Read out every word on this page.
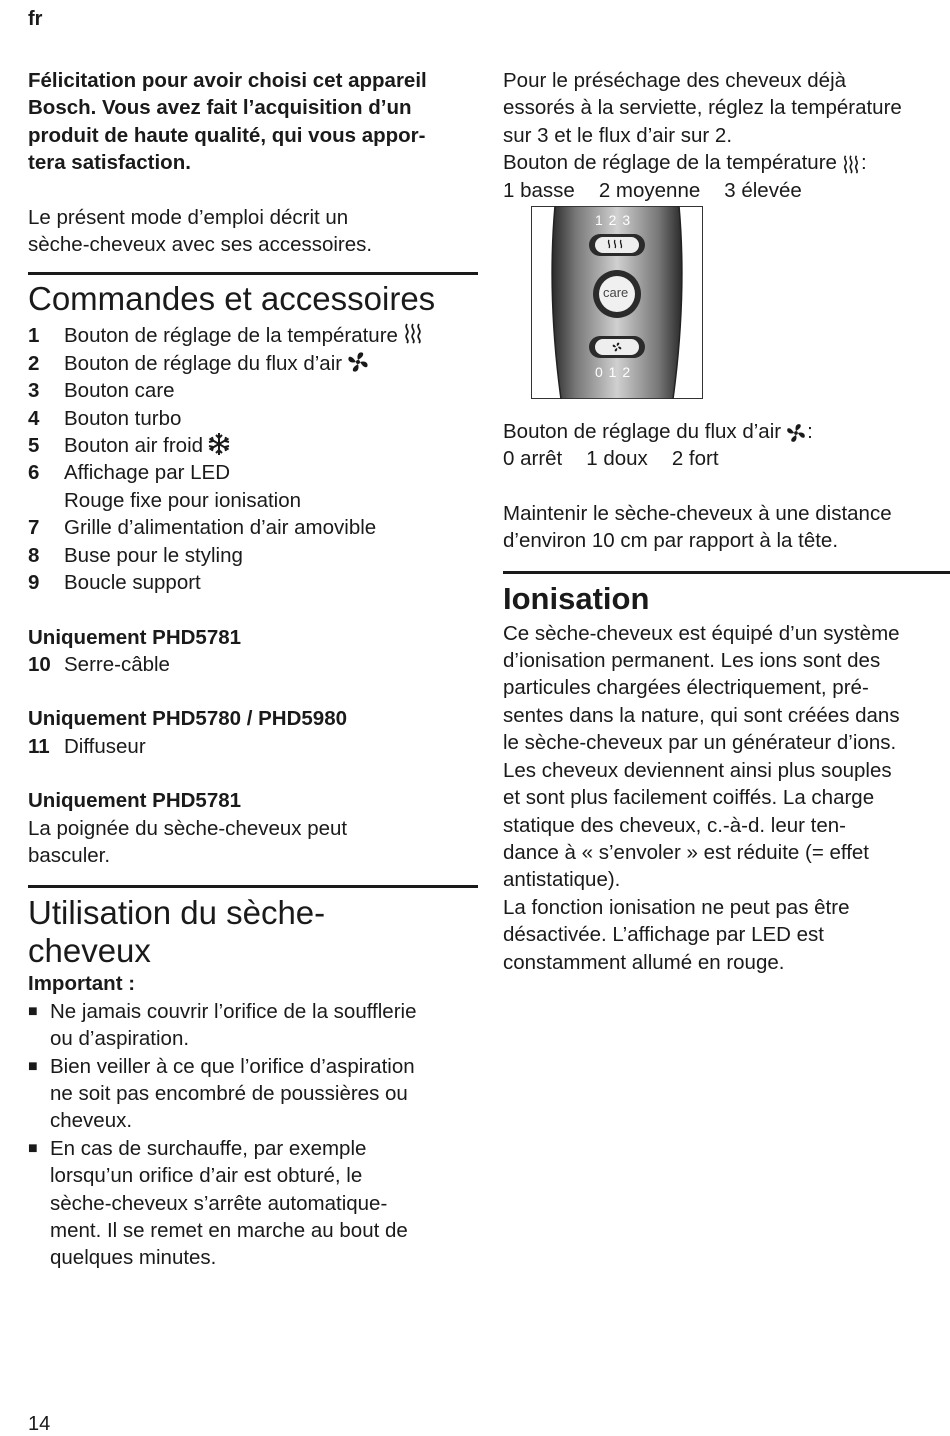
fr

Félicitation pour avoir choisi cet appareil

Bosch. Vous avez fait l’acquisition d’un

produit de haute qualité, qui vous appor-

tera satisfaction.

Le présent mode d’emploi décrit un

sèche-cheveux avec ses accessoires.

Commandes et accessoires
1	Bouton de réglage de la température
2	Bouton de réglage du flux d’air
3	Bouton care
4	Bouton turbo
5	Bouton air froid
6	Affichage par LED
Rouge fixe pour ionisation
7	Grille d’alimentation d’air amovible
8	Buse pour le styling
9	Boucle support

Uniquement PHD5781

10 Serre-câble

Uniquement PHD5780 / PHD5980

11 Diffuseur

Uniquement PHD5781

La poignée du sèche-cheveux peut

basculer.

Utilisation du sèche-
cheveux

Important :

■ Ne jamais couvrir l’orifice de la soufflerie

ou d’aspiration.

■ Bien veiller à ce que l’orifice d’aspiration

ne soit pas encombré de poussières ou

cheveux.

■ En cas de surchauffe, par exemple

lorsqu’un orifice d’air est obturé, le

sèche-cheveux s’arrête automatique-

ment. Il se remet en marche au bout de

quelques minutes.

Pour le préséchage des cheveux déjà

essorés à la serviette, réglez la température

sur 3 et le flux d’air sur 2.

Bouton de réglage de la température :

1 basse 2 moyenne 3 élevée

1 2 3
care
0 1 2

Bouton de réglage du flux d’air :

0 arrêt 1 doux 2 fort

Maintenir le sèche-cheveux à une distance

d’environ 10 cm par rapport à la tête.

Ionisation

Ce sèche-cheveux est équipé d’un système

d’ionisation permanent. Les ions sont des

particules chargées électriquement, pré-

sentes dans la nature, qui sont créées dans

le sèche-cheveux par un générateur d’ions.

Les cheveux deviennent ainsi plus souples

et sont plus facilement coiffés. La charge

statique des cheveux, c.-à-d. leur ten-

dance à « s’envoler » est réduite (= effet

antistatique).

La fonction ionisation ne peut pas être

désactivée. L’affichage par LED est

constamment allumé en rouge.

14
